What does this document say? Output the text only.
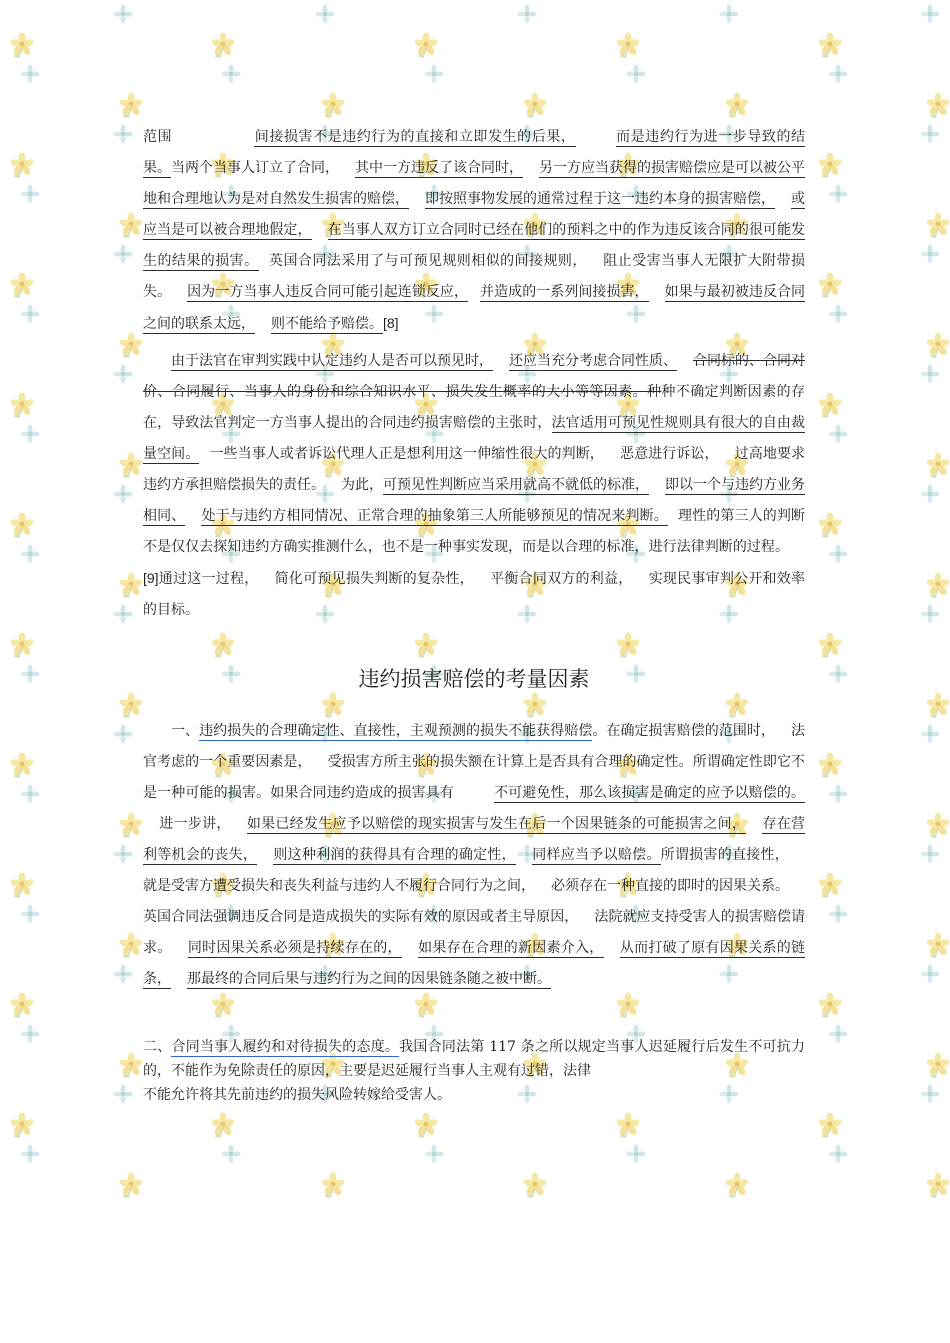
范围	间接损害不是违约行为的直接和立即发生的后果，	而是违约行为进一步导致的结果。当两个当事人订立了合同， 其中一方违反了该合同时， 另一方应当获得的损害赔偿应是可以被公平地和合理地认为是对自然发生损害的赔偿， 即按照事物发展的通常过程于这一违约本身的损害赔偿， 或应当是可以被合理地假定， 在当事人双方订立合同时已经在他们的预料之中的作为违反该合同的很可能发生的结果的损害。 英国合同法采用了与可预见规则相似的间接规则， 阻止受害当事人无限扩大附带损失。 因为一方当事人违反合同可能引起连锁反应， 并造成的一系列间接损害， 如果与最初被违反合同之间的联系太远， 则不能给予赔偿。[8]

由于法官在审判实践中认定违约人是否可以预见时， 还应当充分考虑合同性质、 合同标的、合同对价、合同履行、当事人的身份和综合知识水平、损失发生概率的大小等等因素。种种不确定判断因素的存在，导致法官判定一方当事人提出的合同违约损害赔偿的主张时，法官适用可预见性规则具有很大的自由裁量空间。 一些当事人或者诉讼代理人正是想利用这一伸缩性很大的判断， 恶意进行诉讼， 过高地要求违约方承担赔偿损失的责任。 为此，可预见性判断应当采用就高不就低的标准， 即以一个与违约方业务相同、 处于与违约方相同情况、正常合理的抽象第三人所能够预见的情况来判断。 理性的第三人的判断不是仅仅去探知违约方确实推测什么，也不是一种事实发现，而是以合理的标准，进行法律判断的过程。[9]通过这一过程， 简化可预见损失判断的复杂性， 平衡合同双方的利益， 实现民事审判公开和效率的目标。

违约损害赔偿的考量因素

一、违约损失的合理确定性、直接性，主观预测的损失不能获得赔偿。在确定损害赔偿的范围时， 法官考虑的一个重要因素是， 受损害方所主张的损失额在计算上是否具有合理的确定性。所谓确定性即它不是一种可能的损害。如果合同违约造成的损害具有	不可避免性，那么该损害是确定的应予以赔偿的。进一步讲， 如果已经发生应予以赔偿的现实损害与发生在后一个因果链条的可能损害之间， 存在营利等机会的丧失， 则这种利润的获得具有合理的确定性， 同样应当予以赔偿。所谓损害的直接性，就是受害方遭受损失和丧失利益与违约人不履行合同行为之间， 必须存在一种直接的即时的因果关系。英国合同法强调违反合同是造成损失的实际有效的原因或者主导原因， 法院就应支持受害人的损害赔偿请求。 同时因果关系必须是持续存在的， 如果存在合理的新因素介入， 从而打破了原有因果关系的链条， 那最终的合同后果与违约行为之间的因果链条随之被中断。

二、合同当事人履约和对待损失的态度。我国合同法第 117 条之所以规定当事人迟延履行后发生不可抗力的，不能作为免除责任的原因，主要是迟延履行当事人主观有过错，法律
不能允许将其先前违约的损失风险转嫁给受害人。
